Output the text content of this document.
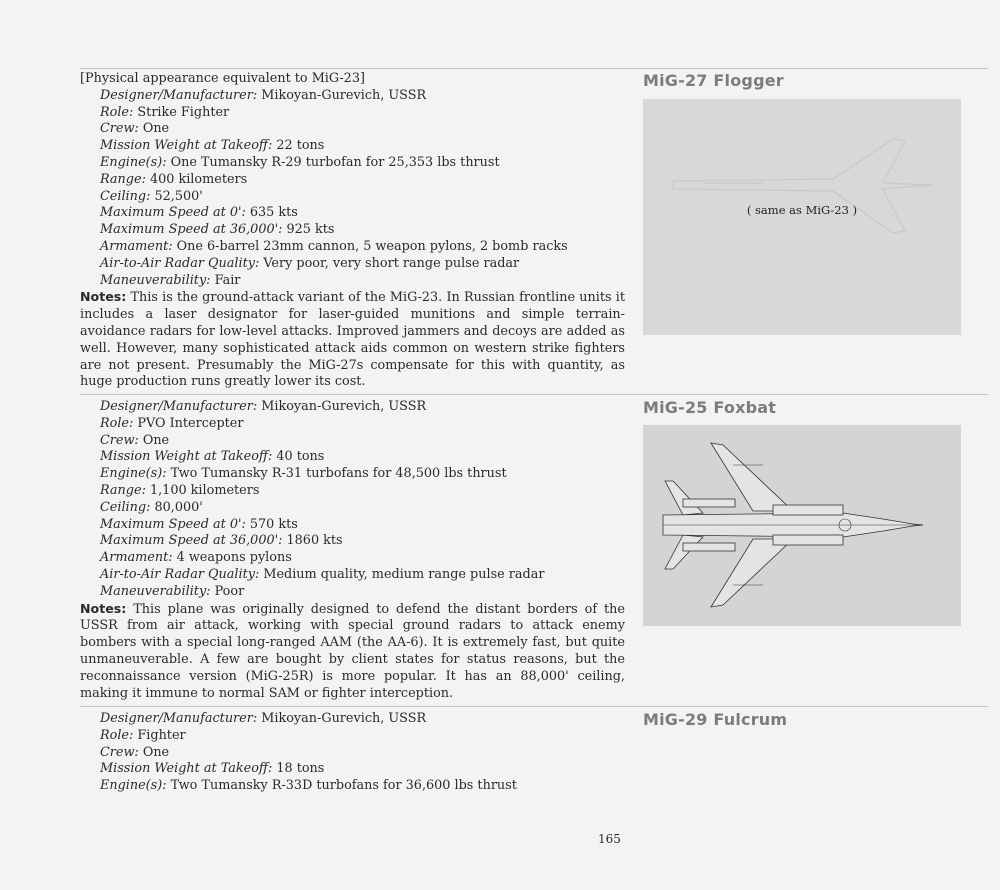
[Physical appearance equivalent to MiG-23]
Designer/Manufacturer: Mikoyan-Gurevich, USSR
Role: Strike Fighter
Crew: One
Mission Weight at Takeoff: 22 tons
Engine(s): One Tumansky R-29 turbofan for 25,353 lbs thrust
Range: 400 kilometers
Ceiling: 52,500'
Maximum Speed at 0': 635 kts
Maximum Speed at 36,000': 925 kts
Armament: One 6-barrel 23mm cannon, 5 weapon pylons, 2 bomb racks
Air-to-Air Radar Quality: Very poor, very short range pulse radar
Maneuverability: Fair

Notes: This is the ground-attack variant of the MiG-23. In Russian frontline units it includes a laser designator for laser-guided munitions and simple terrain-avoidance radars for low-level attacks. Improved jammers and decoys are added as well. However, many sophisticated attack aids common on western strike fighters are not present. Presumably the MiG-27s compensate for this with quantity, as huge production runs greatly lower its cost.

MiG-27 Flogger
( same as MiG-23 )
Designer/Manufacturer: Mikoyan-Gurevich, USSR
Role: PVO Intercepter
Crew: One
Mission Weight at Takeoff: 40 tons
Engine(s): Two Tumansky R-31 turbofans for 48,500 lbs thrust
Range: 1,100 kilometers
Ceiling: 80,000'
Maximum Speed at 0': 570 kts
Maximum Speed at 36,000': 1860 kts
Armament: 4 weapons pylons
Air-to-Air Radar Quality: Medium quality, medium range pulse radar
Maneuverability: Poor

Notes: This plane was originally designed to defend the distant borders of the USSR from air attack, working with special ground radars to attack enemy bombers with a special long-ranged AAM (the AA-6). It is extremely fast, but quite unmaneuverable. A few are bought by client states for status reasons, but the reconnaissance version (MiG-25R) is more popular. It has an 88,000' ceiling, making it immune to normal SAM or fighter interception.

MiG-25 Foxbat
Designer/Manufacturer: Mikoyan-Gurevich, USSR
Role: Fighter
Crew: One
Mission Weight at Takeoff: 18 tons
Engine(s): Two Tumansky R-33D turbofans for 36,600 lbs thrust
MiG-29 Fulcrum
165
